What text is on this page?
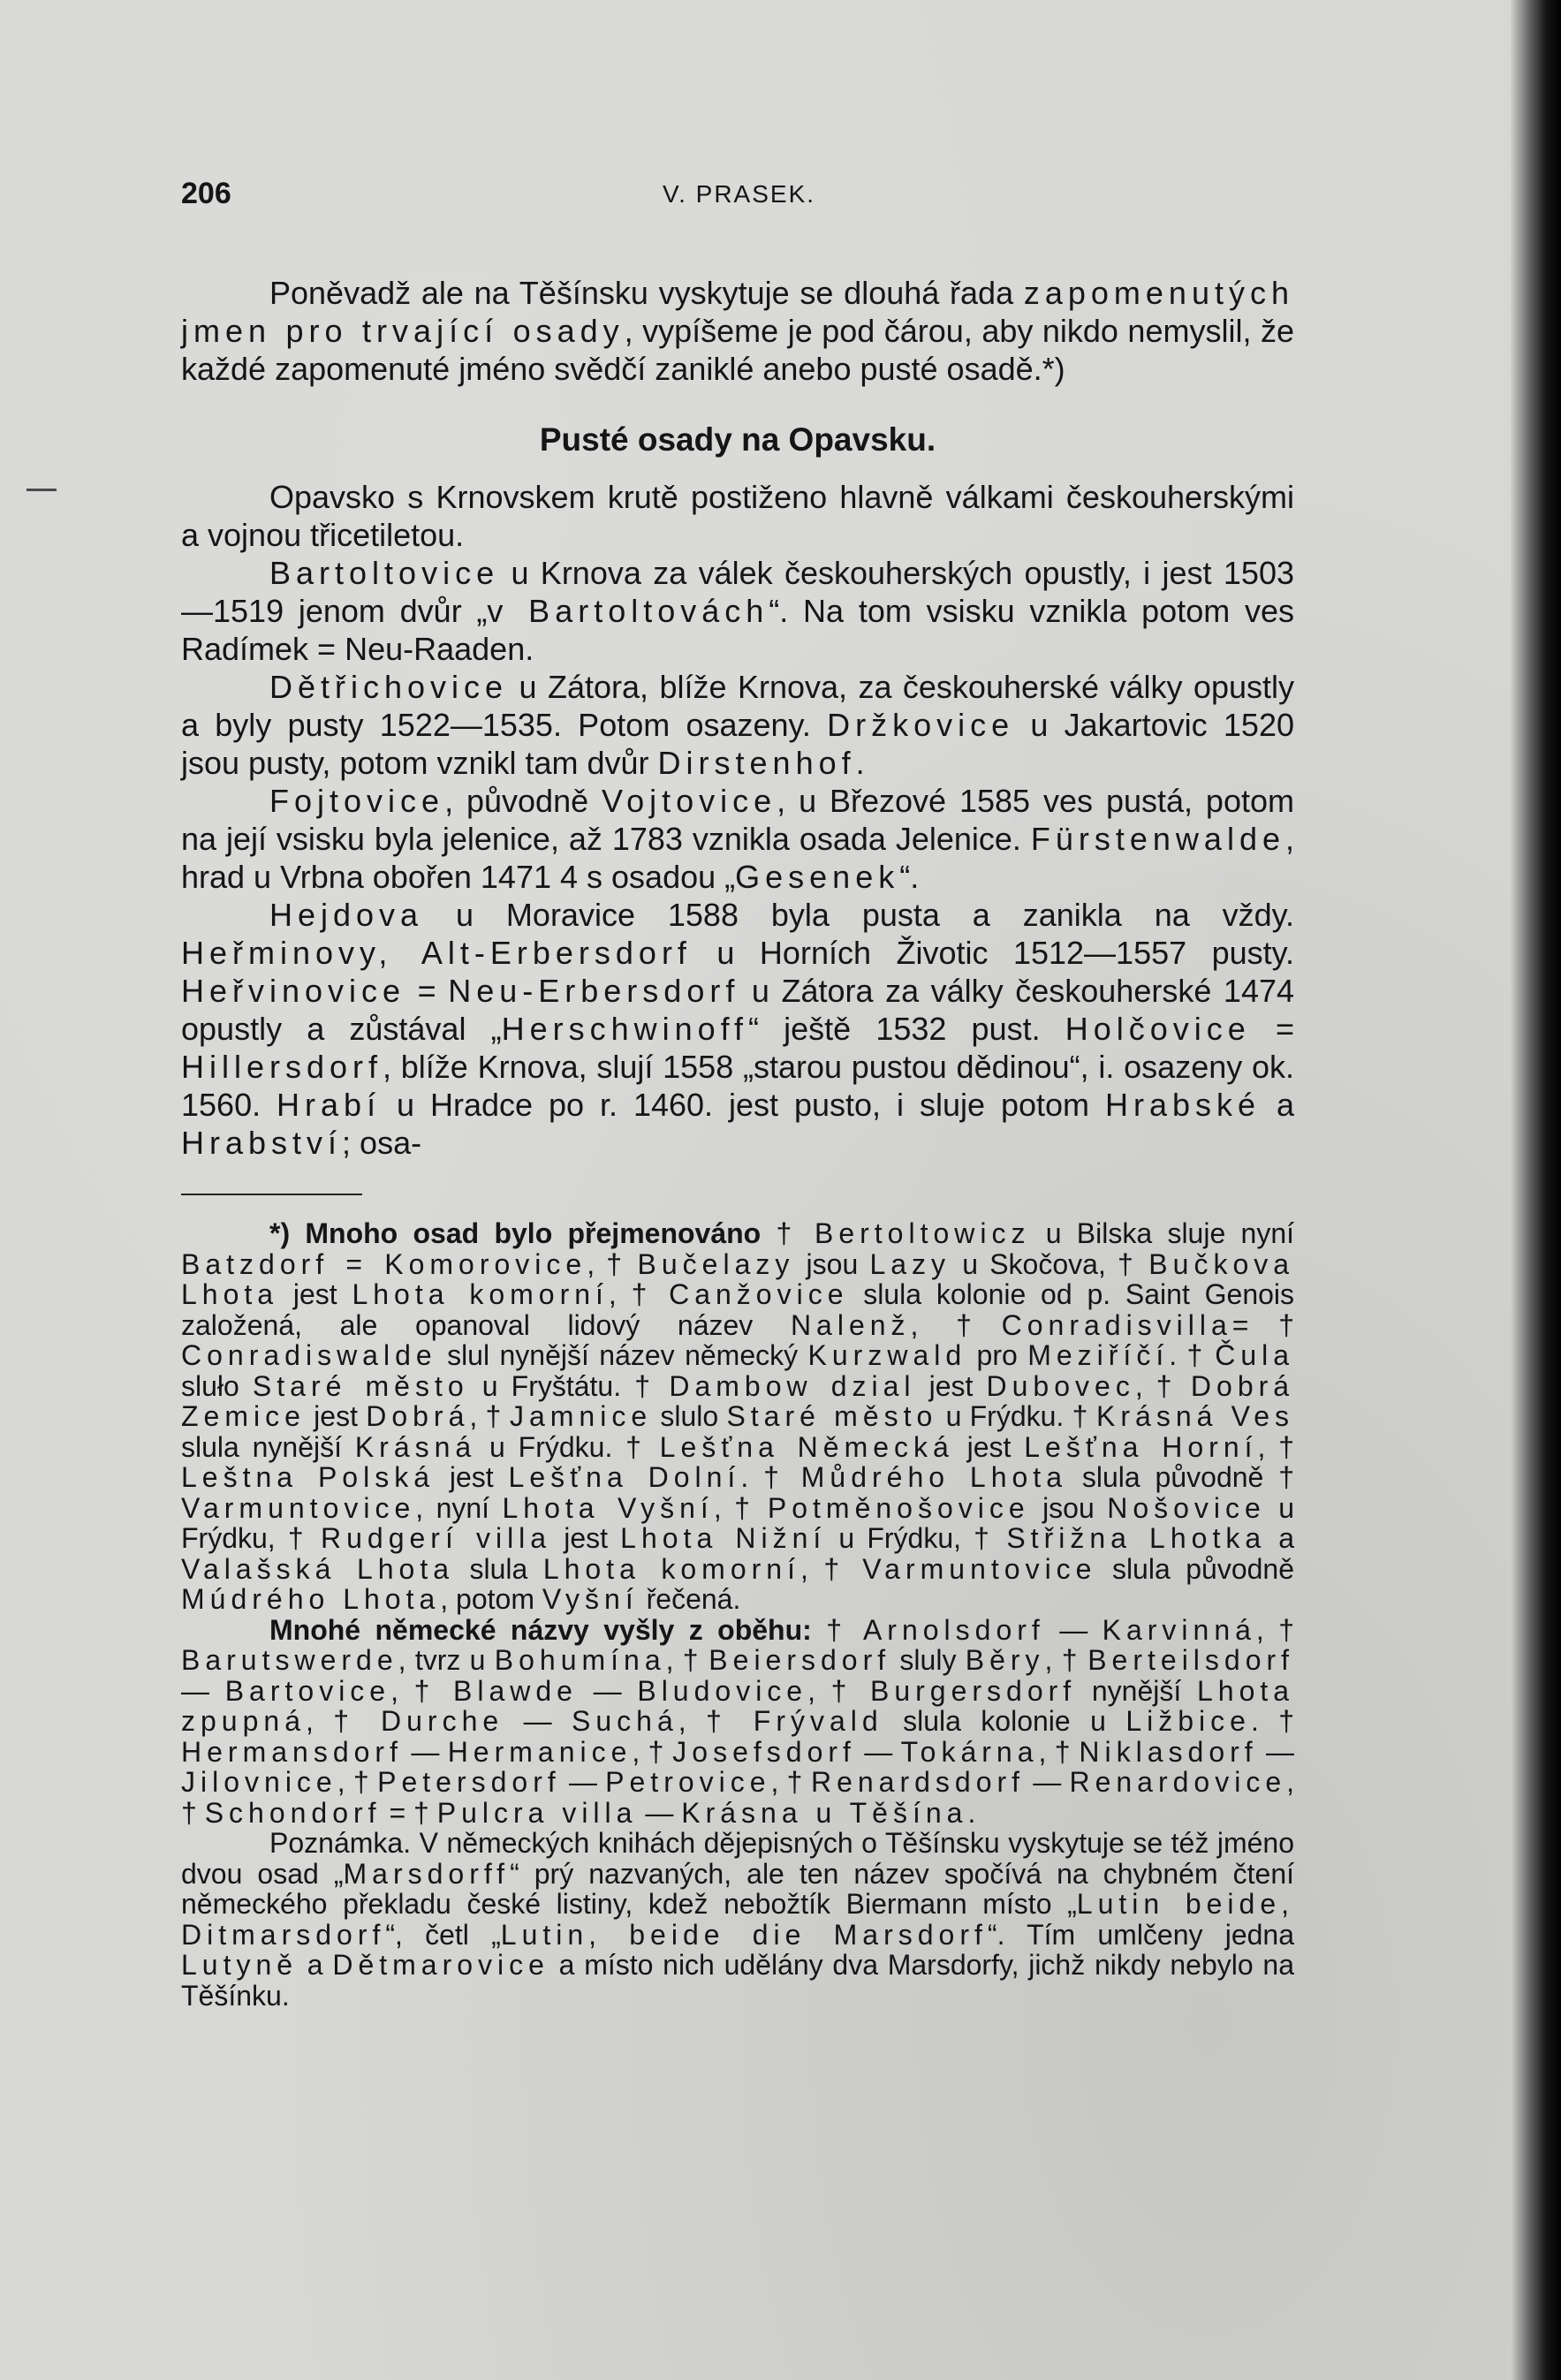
206	V. PRASEK.

Poněvadž ale na Těšínsku vyskytuje se dlouhá řada zapomenutých jmen pro trvající osady, vypíšeme je pod čárou, aby nikdo nemyslil, že každé zapomenuté jméno svědčí zaniklé anebo pusté osadě.*)

Pusté osady na Opavsku.

Opavsko s Krnovskem krutě postiženo hlavně válkami českouherskými a vojnou třicetiletou.

Bartoltovice u Krnova za válek českouherských opustly, i jest 1503—1519 jenom dvůr „v Bartoltovách“. Na tom vsisku vznikla potom ves Radímek = Neu-Raaden.

Dětřichovice u Zátora, blíže Krnova, za českouherské války opustly a byly pusty 1522—1535. Potom osazeny. Držkovice u Jakartovic 1520 jsou pusty, potom vznikl tam dvůr Dirstenhof.

Fojtovice, původně Vojtovice, u Březové 1585 ves pustá, potom na její vsisku byla jelenice, až 1783 vznikla osada Jelenice. Fürstenwalde, hrad u Vrbna obořen 1471 4 s osadou „Gesenek“.

Hejdova u Moravice 1588 byla pusta a zanikla na vždy. Heřminovy, Alt-Erbersdorf u Horních Životic 1512—1557 pusty. Heřvinovice = Neu-Erbersdorf u Zátora za války českouherské 1474 opustly a zůstával „Herschwinoff“ ještě 1532 pust. Holčovice = Hillersdorf, blíže Krnova, slují 1558 „starou pustou dědinou“, i. osazeny ok. 1560. Hrabí u Hradce po r. 1460. jest pusto, i sluje potom Hrabské a Hrabství; osa-

*) Mnoho osad bylo přejmenováno † Bertoltowicz u Bilska sluje nyní Batzdorf = Komorovice, † Bučelazy jsou Lazy u Skočova, † Bučkova Lhota jest Lhota komorní, † Canžovice slula kolonie od p. Saint Genois založená, ale opanoval lidový název Nalenž, †Conradisvilla=† Conradiswalde slul nynější název německý Kurzwald pro Meziříčí. † Čula sluło Staré město u Fryštátu. † Dambow dzial jest Dubovec, † Dobrá Zemice jest Dobrá, † Jamnice slulo Staré město u Frýdku. † Krásná Ves slula nynější Krásná u Frýdku. † Lešťna Německá jest Lešťna Horní, † Leštna Polská jest Lešťna Dolní. † Můdrého Lhota slula původně † Varmuntovice, nyní Lhota Vyšní, † Potměnošovice jsou Nošovice u Frýdku, † Rudgerí villa jest Lhota Nižní u Frýdku, † Střižna Lhotka a Valašská Lhota slula Lhota komorní, † Varmuntovice slula původně Múdrého Lhota, potom Vyšní řečená.

Mnohé německé názvy vyšly z oběhu: † Arnolsdorf — Karvinná, † Barutswerde, tvrz u Bohumína, † Beiersdorf sluly Běry, † Berteilsdorf — Bartovice, † Blawde — Bludovice, † Burgersdorf nynější Lhota zpupná, † Durche — Suchá, † Frývald slula kolonie u Ližbice. † Hermansdorf — Hermanice, † Josefsdorf — Tokárna, † Niklasdorf — Jilovnice, † Petersdorf — Petrovice, † Renardsdorf — Renardovice, † Schondorf = † Pulcra villa — Krásna u Těšína.

Poznámka. V německých knihách dějepisných o Těšínsku vyskytuje se též jméno dvou osad „Marsdorff“ prý nazvaných, ale ten název spočívá na chybném čtení německého překladu české listiny, kdež nebožtík Biermann místo „Lutin beide, Ditmarsdorf“, četl „Lutin, beide die Marsdorf“. Tím umlčeny jedna Lutyně a Dětmarovice a místo nich udělány dva Marsdorfy, jichž nikdy nebylo na Těšínku.
